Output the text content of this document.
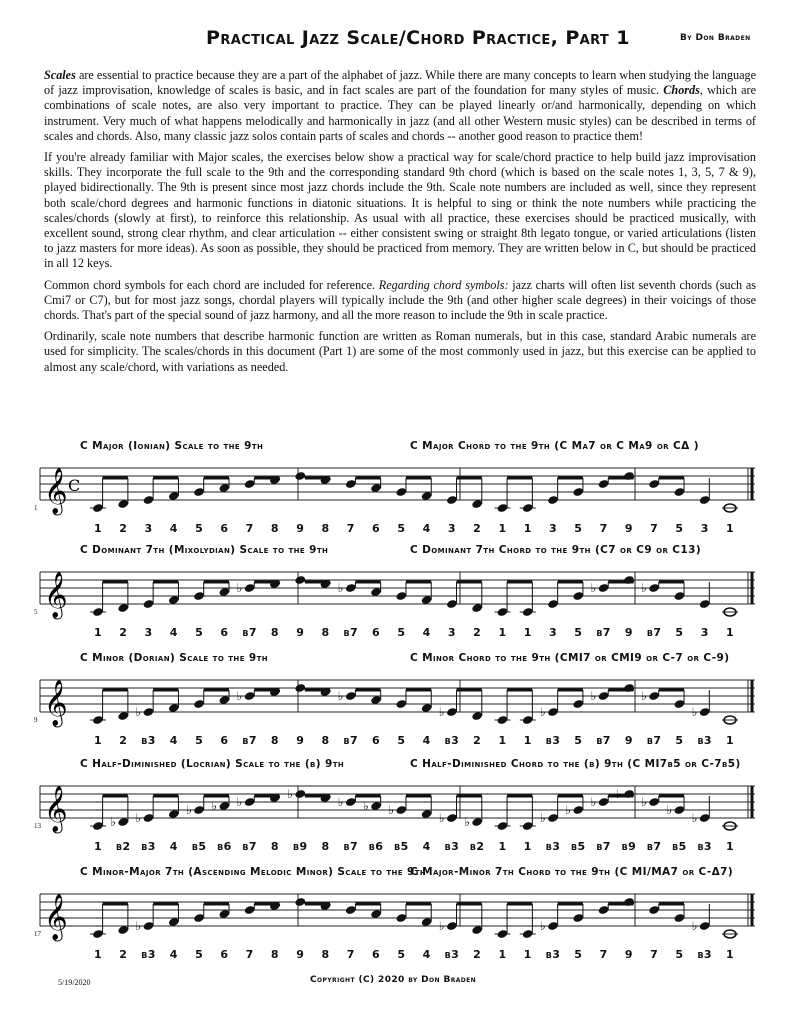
Practical Jazz Scale/Chord Practice, Part 1	By Don Braden

Scales are essential to practice because they are a part of the alphabet of jazz. While there are many concepts to learn when studying the language of jazz improvisation, knowledge of scales is basic, and in fact scales are part of the foundation for many styles of music. Chords, which are combinations of scale notes, are also very important to practice. They can be played linearly or/and harmonically, depending on which instrument. Very much of what happens melodically and harmonically in jazz (and all other Western music styles) can be described in terms of scales and chords. Also, many classic jazz solos contain parts of scales and chords -- another good reason to practice them!

If you're already familiar with Major scales, the exercises below show a practical way for scale/chord practice to help build jazz improvisation skills. They incorporate the full scale to the 9th and the corresponding standard 9th chord (which is based on the scale notes 1, 3, 5, 7 & 9), played bidirectionally. The 9th is present since most jazz chords include the 9th. Scale note numbers are included as well, since they represent both scale/chord degrees and harmonic functions in diatonic situations. It is helpful to sing or think the note numbers while practicing the scales/chords (slowly at first), to reinforce this relationship. As usual with all practice, these exercises should be practiced musically, with excellent sound, strong clear rhythm, and clear articulation -- either consistent swing or straight 8th legato tongue, or varied articulations (listen to jazz masters for more ideas). As soon as possible, they should be practiced from memory. They are written below in C, but should be practiced in all 12 keys.

Common chord symbols for each chord are included for reference. Regarding chord symbols: jazz charts will often list seventh chords (such as Cmi7 or C7), but for most jazz songs, chordal players will typically include the 9th (and other higher scale degrees) in their voicings of those chords. That's part of the special sound of jazz harmony, and all the more reason to include the 9th in scale practice.

Ordinarily, scale note numbers that describe harmonic function are written as Roman numerals, but in this case, standard Arabic numerals are used for simplicity. The scales/chords in this document (Part 1) are some of the most commonly used in jazz, but this exercise can be applied to almost any scale/chord, with variations as needed.

C Major (Ionian) Scale to the 9th	C Major Chord to the 9th (C Ma7 or C Ma9 or CΔ )
𝄞 C
1
1 2 3 4 5 6 7 8 9 8 7 6 5 4 3 2 1 1 3 5 7 9 7 5 3 1
C Dominant 7th (Mixolydian) Scale to the 9th	C Dominant 7th Chord to the 9th (C7 or C9 or C13)
𝄞	♭	♭	♭	♭
5
1 2 3 4 5 6 b7 8 9 8 b7 6 5 4 3 2 1 1 3 5 b7 9 b7 5 3 1
C Minor (Dorian) Scale to the 9th	C Minor Chord to the 9th (CMI7 or CMI9 or C-7 or C-9)
𝄞	♭
♭	♭
♭	♭
♭	♭
♭
9
1 2 b3 4 5 6 b7 8 9 8 b7 6 5 4 b3 2 1 1 b3 5 b7 9 b7 5 b3 1
C Half-Diminished (Locrian) Scale to the (b) 9th	C Half-Diminished Chord to the (b) 9th (C MI7b5 or C-7b5)
𝄞	♭ ♭
♭ ♭ ♭
♭
♭ ♭ ♭
♭ ♭	♭
♭
♭
♭
♭
♭
♭
13
1 b2 b3 4 b5 b6 b7 8 b9 8 b7 b6 b5 4 b3 b2 1 1 b3 b5 b7 b9 b7 b5 b3 1
C Minor-Major 7th (Ascending Melodic Minor) Scale to the 9th
C Major-Minor 7th Chord to the 9th (C MI/MA7 or C-Δ7)
𝄞	♭	♭	♭	♭
17
1 2 b3 4 5 6 7 8 9 8 7 6 5 4 b3 2 1 1 b3 5 7 9 7 5 b3 1
5/19/2020	Copyright (C) 2020 by Don Braden
